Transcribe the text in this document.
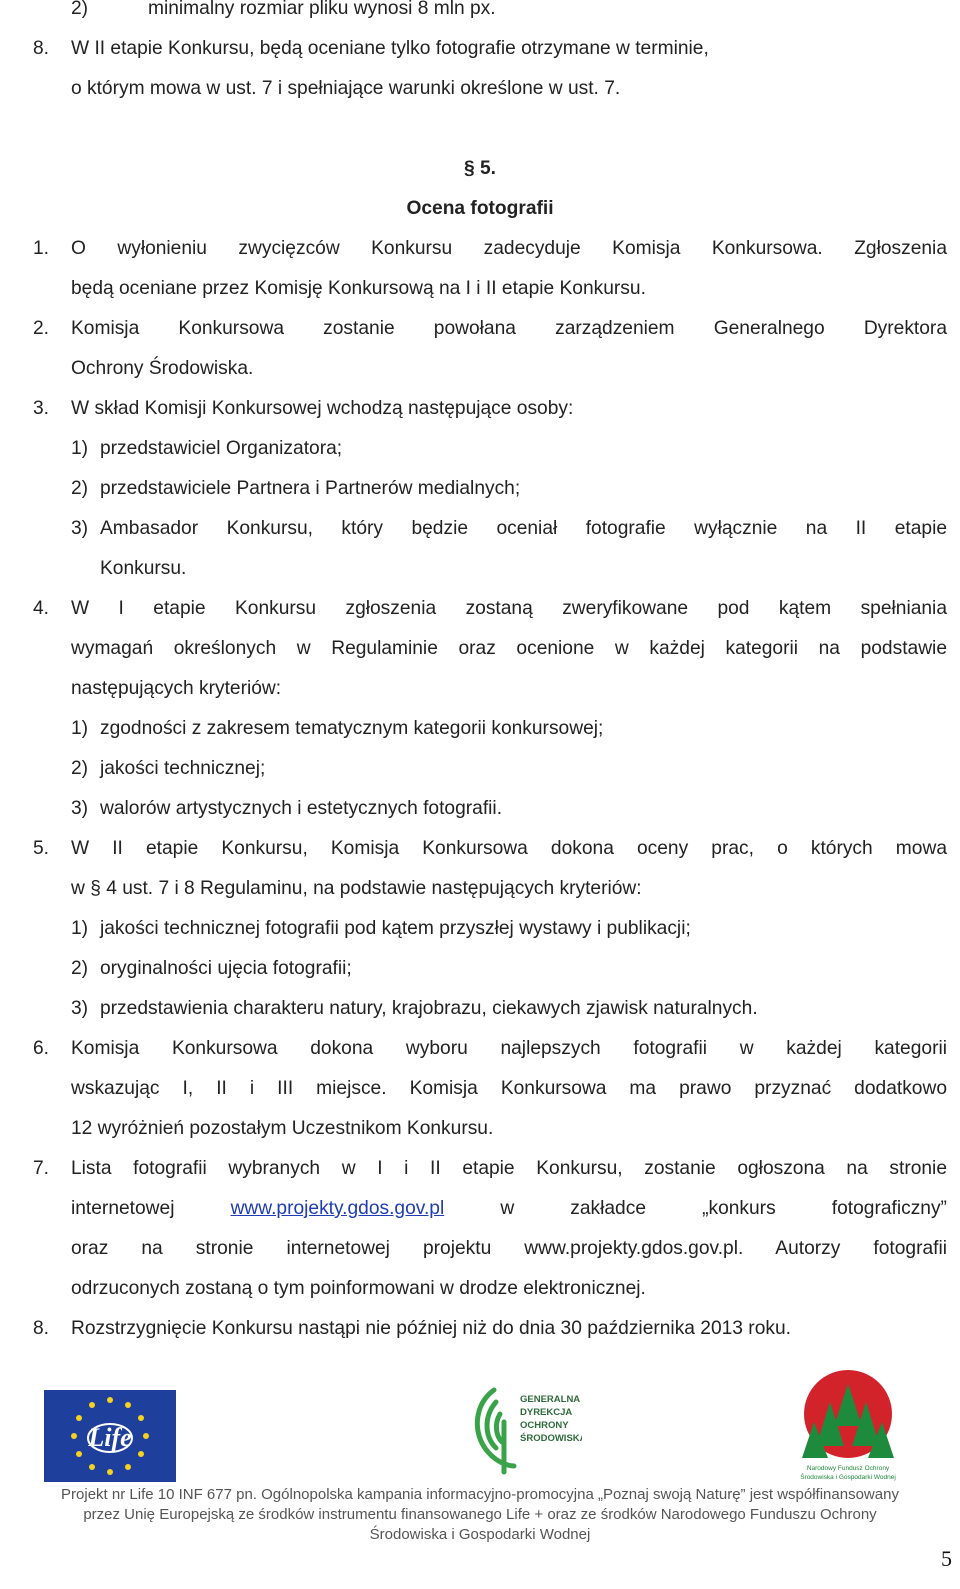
2)	minimalny rozmiar pliku wynosi 8 mln px.
8. W II etapie Konkursu, będą oceniane tylko fotografie otrzymane w terminie,
o którym mowa w ust. 7 i spełniające warunki określone w ust. 7.
§ 5.
Ocena fotografii
1. O wyłonieniu zwycięzców Konkursu zadecyduje Komisja Konkursowa. Zgłoszenia
będą oceniane przez Komisję Konkursową na I i II etapie Konkursu.
2. Komisja Konkursowa zostanie powołana zarządzeniem Generalnego Dyrektora
Ochrony Środowiska.
3. W skład Komisji Konkursowej wchodzą następujące osoby:
1) przedstawiciel Organizatora;
2) przedstawiciele Partnera i Partnerów medialnych;
3) Ambasador Konkursu, który będzie oceniał fotografie wyłącznie na II etapie
Konkursu.
4. W I etapie Konkursu zgłoszenia zostaną zweryfikowane pod kątem spełniania
wymagań określonych w Regulaminie oraz ocenione w każdej kategorii na podstawie
następujących kryteriów:
1) zgodności z zakresem tematycznym kategorii konkursowej;
2) jakości technicznej;
3) walorów artystycznych i estetycznych fotografii.
5. W II etapie Konkursu, Komisja Konkursowa dokona oceny prac, o których mowa
w § 4 ust. 7 i 8 Regulaminu, na podstawie następujących kryteriów:
1) jakości technicznej fotografii pod kątem przyszłej wystawy i publikacji;
2) oryginalności ujęcia fotografii;
3) przedstawienia charakteru natury, krajobrazu, ciekawych zjawisk naturalnych.
6. Komisja Konkursowa dokona wyboru najlepszych fotografii w każdej kategorii
wskazując I, II i III miejsce. Komisja Konkursowa ma prawo przyznać dodatkowo
12 wyróżnień pozostałym Uczestnikom Konkursu.
7. Lista fotografii wybranych w I i II etapie Konkursu, zostanie ogłoszona na stronie
internetowej	www.projekty.gdos.gov.pl	w	zakładce	„konkurs	fotograficzny”
oraz na stronie internetowej projektu www.projekty.gdos.gov.pl. Autorzy fotografii
odrzuconych zostaną o tym poinformowani w drodze elektronicznej.
8. Rozstrzygnięcie Konkursu nastąpi nie później niż do dnia 30 października 2013 roku.
Life
GENERALNA
DYREKCJA
OCHRONY
ŚRODOWISKA
Narodowy Fundusz Ochrony
Środowiska i Gospodarki Wodnej
Projekt nr Life 10 INF 677 pn. Ogólnopolska kampania informacyjno-promocyjna „Poznaj swoją Naturę” jest współfinansowany
przez Unię Europejską ze środków instrumentu finansowanego Life + oraz ze środków Narodowego Funduszu Ochrony
Środowiska i Gospodarki Wodnej
5
